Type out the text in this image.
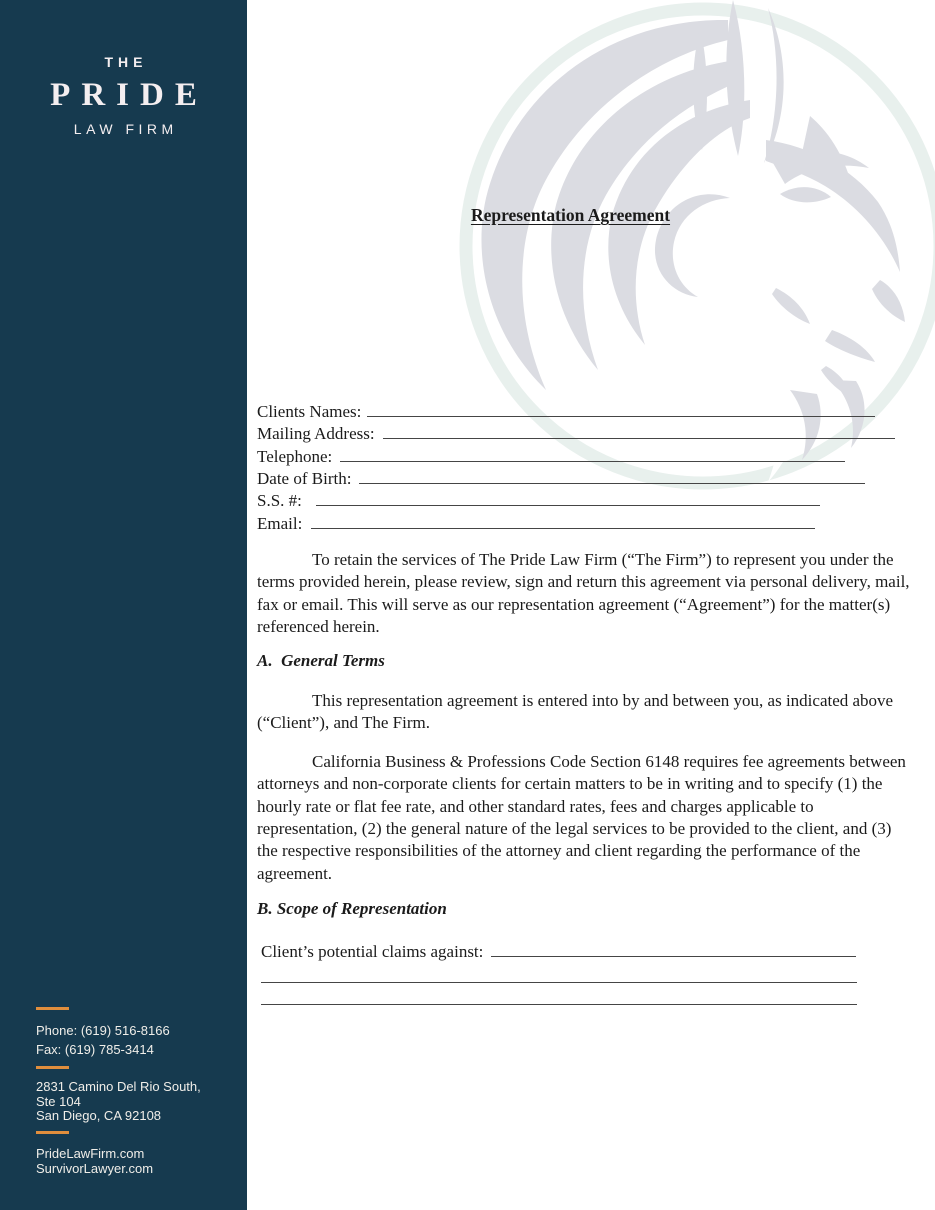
THE
PRIDE
LAW FIRM
Phone: (619) 516-8166
Fax: (619) 785-3414
2831 Camino Del Rio South,
Ste 104
San Diego, CA 92108
PrideLawFirm.com
SurvivorLawyer.com
Representation Agreement
Clients Names:
Mailing Address:
Telephone:
Date of Birth:
S.S. #:
Email:
To retain the services of The Pride Law Firm (“The Firm”) to represent you under the terms provided herein, please review, sign and return this agreement via personal delivery, mail, fax or email. This will serve as our representation agreement (“Agreement”) for the matter(s) referenced herein.
A.  General Terms
This representation agreement is entered into by and between you, as indicated above (“Client”), and The Firm.
California Business & Professions Code Section 6148 requires fee agreements between attorneys and non-corporate clients for certain matters to be in writing and to specify (1) the hourly rate or flat fee rate, and other standard rates, fees and charges applicable to representation, (2) the general nature of the legal services to be provided to the client, and (3) the respective responsibilities of the attorney and client regarding the performance of the agreement.
B. Scope of Representation
Client’s potential claims against:
